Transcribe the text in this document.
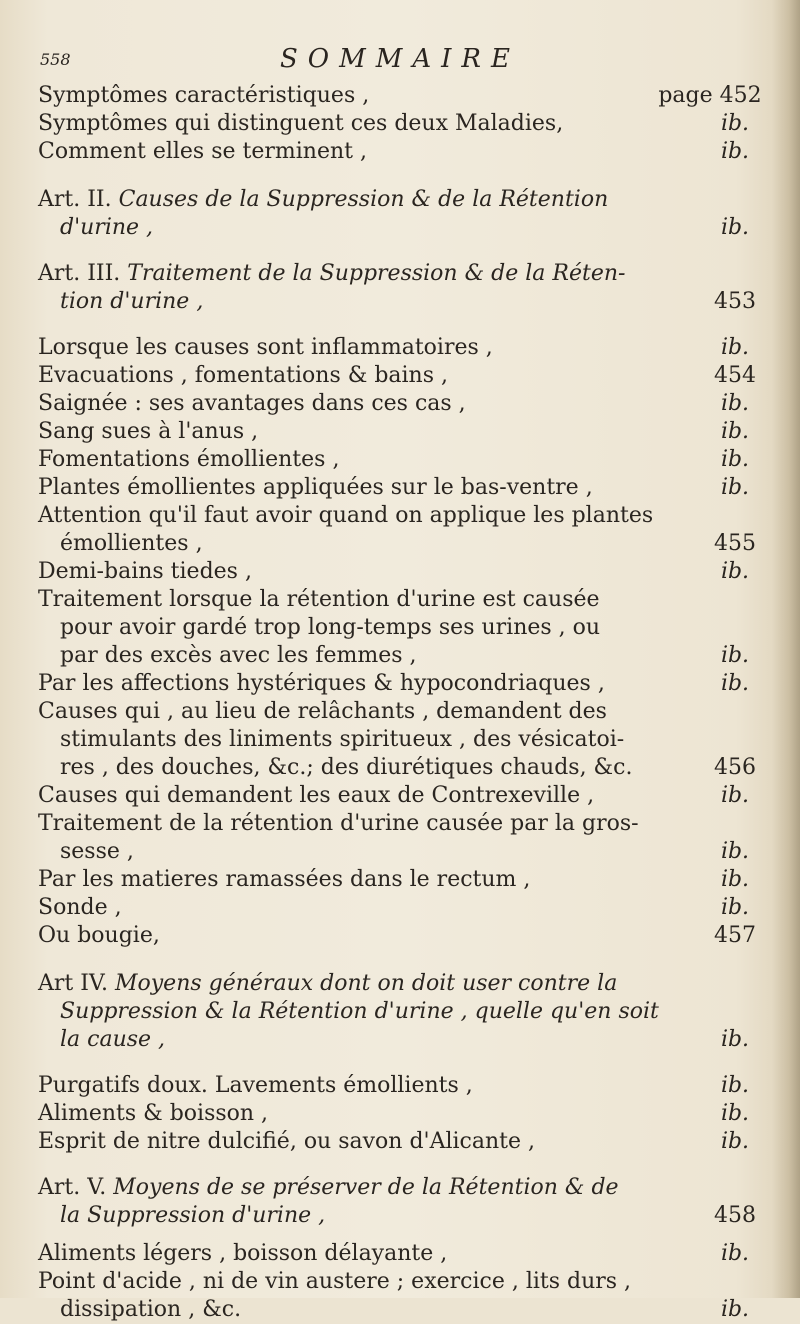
558	SOMMAIRE
Symptômes caractéristiques ,	page 452
Symptômes qui distinguent ces deux Maladies,	ib.
Comment elles se terminent ,	ib.
Art. II. Causes de la Suppression & de la Rétention
d'urine ,	ib.
Art. III. Traitement de la Suppression & de la Réten-
tion d'urine ,	453
Lorsque les causes sont inflammatoires ,	ib.
Evacuations , fomentations & bains ,	454
Saignée : ses avantages dans ces cas ,	ib.
Sang sues à l'anus ,	ib.
Fomentations émollientes ,	ib.
Plantes émollientes appliquées sur le bas-ventre ,	ib.
Attention qu'il faut avoir quand on applique les plantes
émollientes ,	455
Demi-bains tiedes ,	ib.
Traitement lorsque la rétention d'urine est causée
pour avoir gardé trop long-temps ses urines , ou
par des excès avec les femmes ,	ib.
Par les affections hystériques & hypocondriaques ,	ib.
Causes qui , au lieu de relâchants , demandent des
stimulants des liniments spiritueux , des vésicatoi-
res , des douches, &c.; des diurétiques chauds, &c.	456
Causes qui demandent les eaux de Contrexeville ,	ib.
Traitement de la rétention d'urine causée par la gros-
sesse ,	ib.
Par les matieres ramassées dans le rectum ,	ib.
Sonde ,	ib.
Ou bougie,	457
Art IV. Moyens généraux dont on doit user contre la
Suppression & la Rétention d'urine , quelle qu'en soit
la cause ,	ib.
Purgatifs doux. Lavements émollients ,	ib.
Aliments & boisson ,	ib.
Esprit de nitre dulcifié, ou savon d'Alicante ,	ib.
Art. V. Moyens de se préserver de la Rétention & de
la Suppression d'urine ,	458
Aliments légers , boisson délayante ,	ib.
Point d'acide , ni de vin austere ; exercice , lits durs ,
dissipation , &c.	ib.
